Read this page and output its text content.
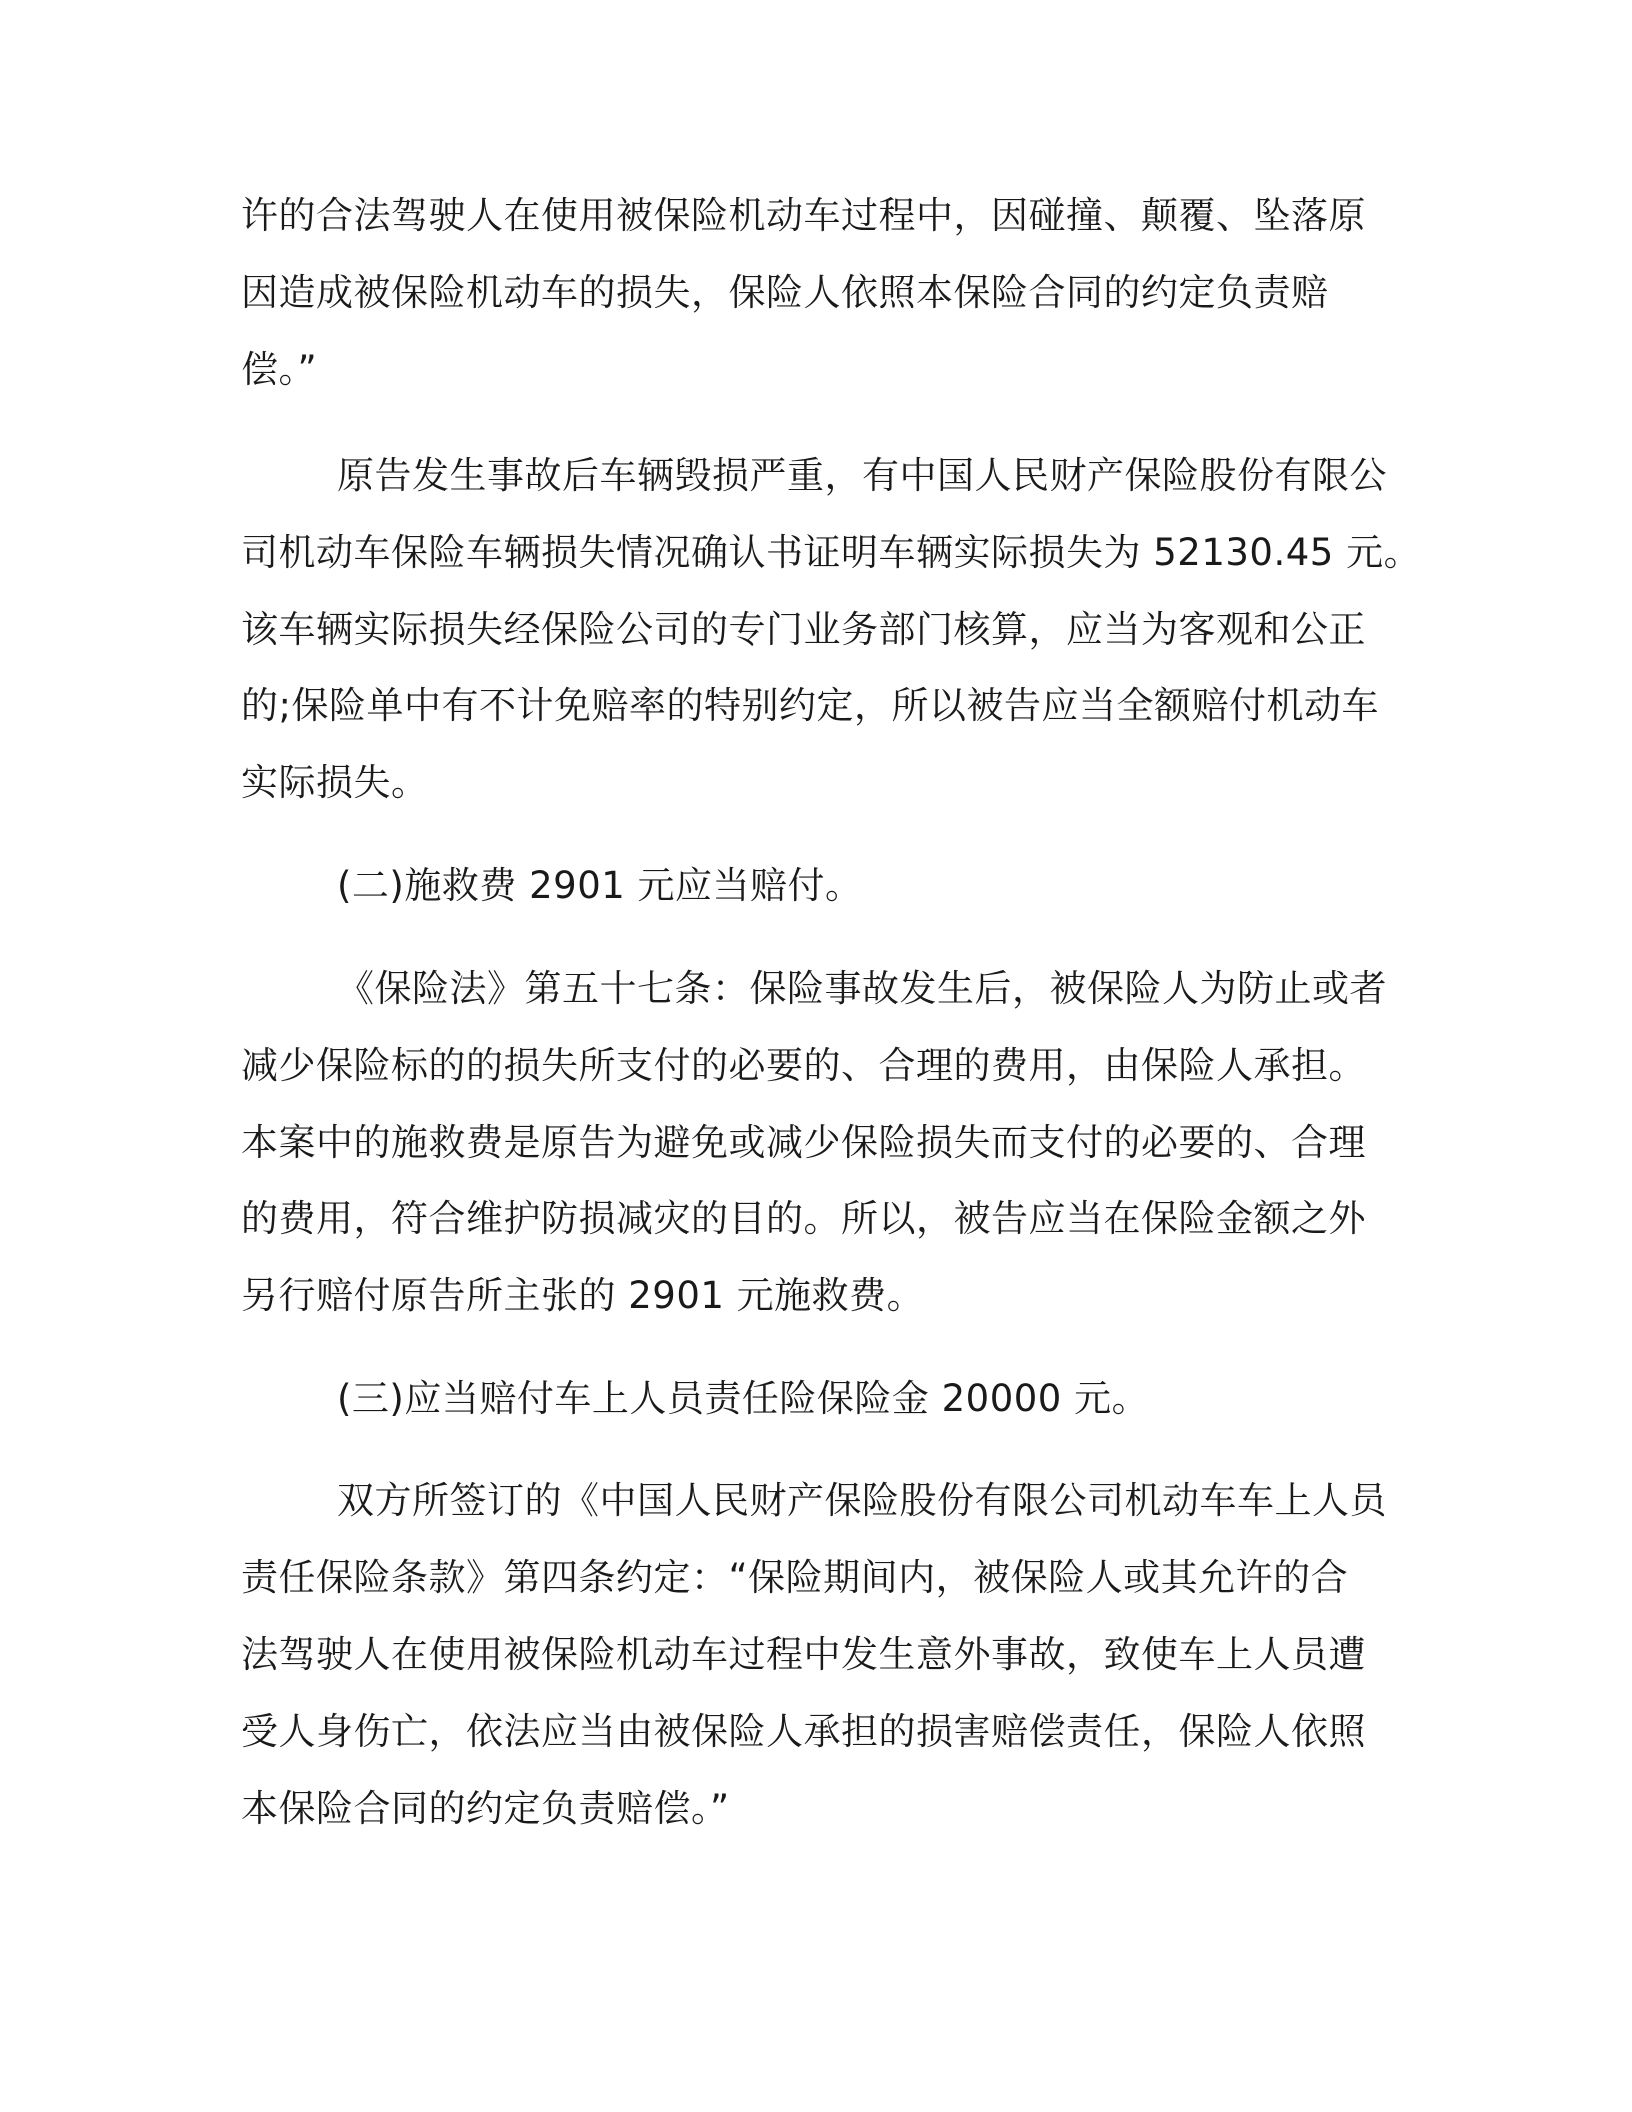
许的合法驾驶人在使用被保险机动车过程中，因碰撞、颠覆、坠落原
因造成被保险机动车的损失，保险人依照本保险合同的约定负责赔
偿。”
原告发生事故后车辆毁损严重，有中国人民财产保险股份有限公
司机动车保险车辆损失情况确认书证明车辆实际损失为 52130.45 元。
该车辆实际损失经保险公司的专门业务部门核算，应当为客观和公正
的;保险单中有不计免赔率的特别约定，所以被告应当全额赔付机动车
实际损失。
(二)施救费 2901 元应当赔付。
《保险法》第五十七条：保险事故发生后，被保险人为防止或者
减少保险标的的损失所支付的必要的、合理的费用，由保险人承担。
本案中的施救费是原告为避免或减少保险损失而支付的必要的、合理
的费用，符合维护防损减灾的目的。所以，被告应当在保险金额之外
另行赔付原告所主张的 2901 元施救费。
(三)应当赔付车上人员责任险保险金 20000 元。
双方所签订的《中国人民财产保险股份有限公司机动车车上人员
责任保险条款》第四条约定：“保险期间内，被保险人或其允许的合
法驾驶人在使用被保险机动车过程中发生意外事故，致使车上人员遭
受人身伤亡，依法应当由被保险人承担的损害赔偿责任，保险人依照
本保险合同的约定负责赔偿。”
